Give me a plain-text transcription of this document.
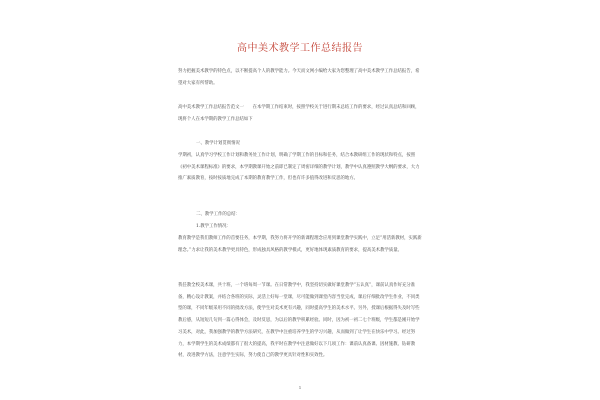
高中美术教学工作总结报告
努力把握美术教学的特色点，以不断提高个人的教学能力。今天而文网小编给大家为您整理了高中美术教学工作总结报告，希望对大家有所帮助。
高中美术教学工作总结报告范文一　　在本学期工作结束时，按照学校关于进行期末总结工作的要求，经过认真总结和回顾，现将个人在本学期的教学工作总结如下
一、教学计划贯彻情况
学期初，认真学习学校工作计划和教务处工作计划，明确了学期工作的目标和任务，结合本教研组工作的现状和特点，按照《初中美术课程标准》的要求，本学期教课开始之前即已制定了周密详细的教学计划，教学中认真遵照教学大纲的要求，大力推广素质教育，按时按质地完成了本期的教育教学工作，但也有许多值得改进和反思的地方。
二、教学工作的总结：
1.教学工作情况：
教育教学是我们教师工作的首要任务，本学期，我努力将开学的新课程理念应用到课堂教学实践中，立足“用活新教材，实践新理念。”力求让我的美术教学更具特色，形成独具风格的教学模式，更好地体现素质教育的要求，提高美术教学质量。
我任教全校美术课，共十班，一个班每周一节课。在日常教学中，我坚持切实做好课堂教学“五认真”，课前认真作好充分准备，精心设计教案，并结合各班的实际，灵活上好每一堂课，尽可能做到课堂内容当堂完成，课后仔细批改学生作业，不同类型的课，不同年级采用不同的批改方法，使学生对美术更有兴趣，同时提高学生的美术水平。另外，授课后根据得失及时写些教后感，从短短几句到一篇心得体会，及时反思，为以后的教学积累经验。同时，因为初一初二七个班级，学生都是刚开始学习美术，对此，我加强教学的教学方法研究，在教学中注重培养学生的学习兴趣，从而做到了让学生在快乐中学习。经过努力，本学期学生的美术成绩都有了很大的提高，我平时在教学中注意做好以下几项工作：课前认真备课、因材施教、钻研教材，改进教学方法，注意学生实际，努力使自己的教学更具针对性和实效性。
1
